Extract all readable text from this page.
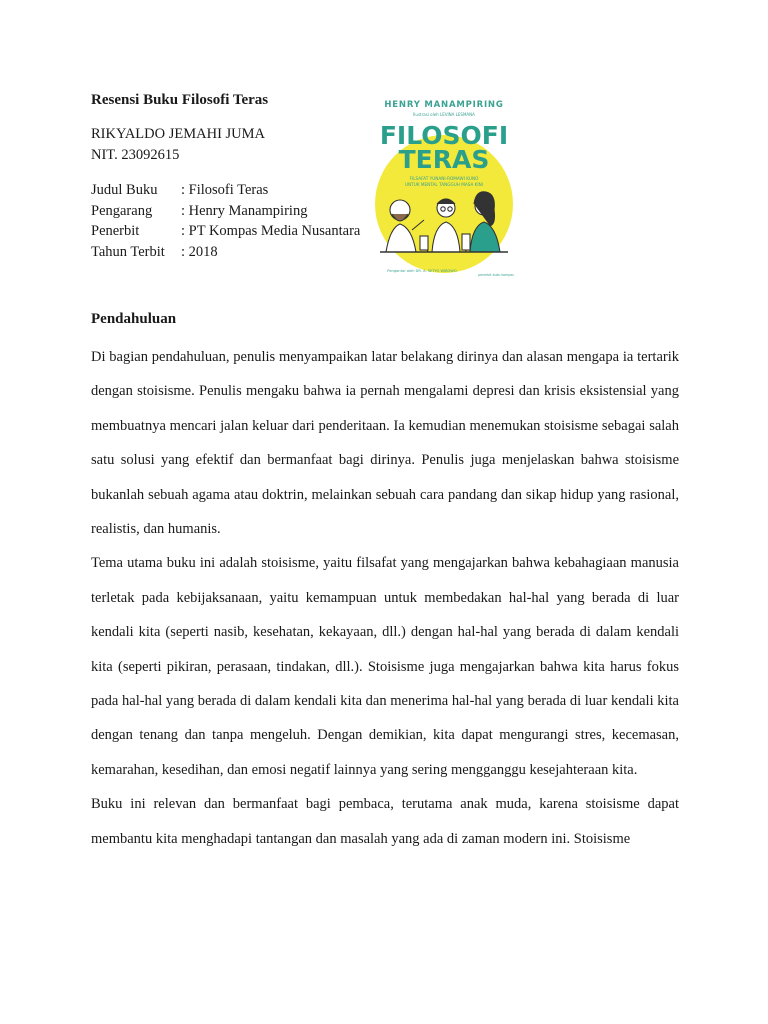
Resensi Buku Filosofi Teras
RIKYALDO JEMAHI JUMA
NIT. 23092615
Judul Buku	: Filosofi Teras
Pengarang	: Henry Manampiring
Penerbit	: PT Kompas Media Nusantara
Tahun Terbit	: 2018
HENRY MANAMPIRING
Ilustrasi oleh LEVINA LESMANA
FILOSOFI
TERAS
FILSAFAT YUNANI-ROMAWI KUNO
UNTUK MENTAL TANGGUH MASA KINI
Pengantar oleh DR. A. SETYO WIBOWO
penerbit buku kompas
Pendahuluan

Di bagian pendahuluan, penulis menyampaikan latar belakang dirinya dan alasan mengapa ia tertarik dengan stoisisme. Penulis mengaku bahwa ia pernah mengalami depresi dan krisis eksistensial yang membuatnya mencari jalan keluar dari penderitaan. Ia kemudian menemukan stoisisme sebagai salah satu solusi yang efektif dan bermanfaat bagi dirinya. Penulis juga menjelaskan bahwa stoisisme bukanlah sebuah agama atau doktrin, melainkan sebuah cara pandang dan sikap hidup yang rasional, realistis, dan humanis.

Tema utama buku ini adalah stoisisme, yaitu filsafat yang mengajarkan bahwa kebahagiaan manusia terletak pada kebijaksanaan, yaitu kemampuan untuk membedakan hal-hal yang berada di luar kendali kita (seperti nasib, kesehatan, kekayaan, dll.) dengan hal-hal yang berada di dalam kendali kita (seperti pikiran, perasaan, tindakan, dll.). Stoisisme juga mengajarkan bahwa kita harus fokus pada hal-hal yang berada di dalam kendali kita dan menerima hal-hal yang berada di luar kendali kita dengan tenang dan tanpa mengeluh. Dengan demikian, kita dapat mengurangi stres, kecemasan, kemarahan, kesedihan, dan emosi negatif lainnya yang sering mengganggu kesejahteraan kita.

Buku ini relevan dan bermanfaat bagi pembaca, terutama anak muda, karena stoisisme dapat membantu kita menghadapi tantangan dan masalah yang ada di zaman modern ini. Stoisisme
